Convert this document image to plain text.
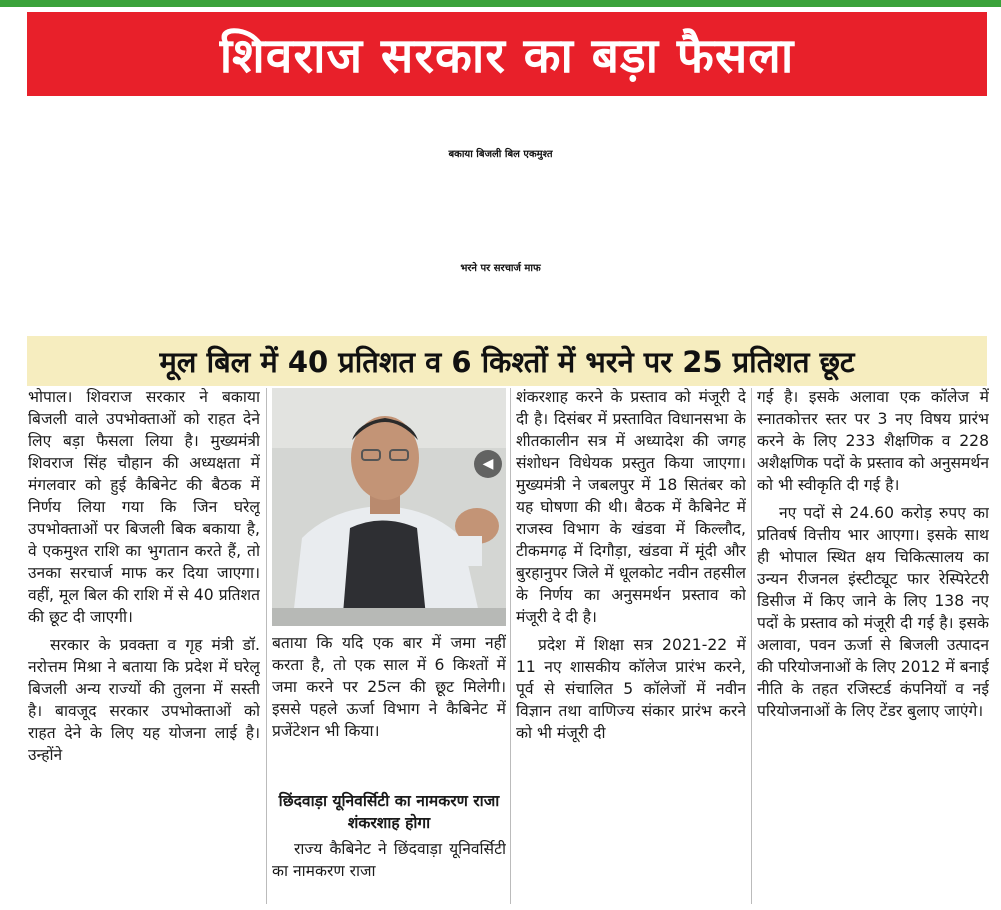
शिवराज सरकार का बड़ा फैसला
बकाया बिजली बिल एकमुश्त
भरने पर सरचार्ज माफ
मूल बिल में 40 प्रतिशत व 6 किश्तों में भरने पर 25 प्रतिशत छूट

भोपाल। शिवराज सरकार ने बकाया बिजली वाले उपभोक्ताओं को राहत देने लिए बड़ा फैसला लिया है। मुख्यमंत्री शिवराज सिंह चौहान की अध्यक्षता में मंगलवार को हुई कैबिनेट की बैठक में निर्णय लिया गया कि जिन घरेलू उपभोक्ताओं पर बिजली बिक बकाया है, वे एकमुश्त राशि का भुगतान करते हैं, तो उनका सरचार्ज माफ कर दिया जाएगा। वहीं, मूल बिल की राशि में से 40 प्रतिशत की छूट दी जाएगी।

सरकार के प्रवक्ता व गृह मंत्री डॉ. नरोत्तम मिश्रा ने बताया कि प्रदेश में घरेलू बिजली अन्य राज्यों की तुलना में सस्ती है। बावजूद सरकार उपभोक्ताओं को राहत देने के लिए यह योजना लाई है।उन्होंने

◀

बताया कि यदि एक बार में जमा नहीं करता है, तो एक साल में 6 किश्तों में जमा करने पर 25त्न की छूट मिलेगी। इससे पहले ऊर्जा विभाग ने कैबिनेट में प्रजेंटेशन भी किया।

छिंदवाड़ा यूनिवर्सिटी का नामकरण राजा शंकरशाह होगा

राज्य कैबिनेट ने छिंदवाड़ा यूनिवर्सिटी का नामकरण राजा

शंकरशाह करने के प्रस्ताव को मंजूरी दे दी है। दिसंबर में प्रस्तावित विधानसभा के शीतकालीन सत्र में अध्यादेश की जगह संशोधन विधेयक प्रस्तुत किया जाएगा। मुख्यमंत्री ने जबलपुर में 18 सितंबर को यह घोषणा की थी। बैठक में कैबिनेट में राजस्व विभाग के खंडवा में किल्लौद, टीकमगढ़ में दिगौड़ा, खंडवा में मूंदी और बुरहानुपर जिले में धूलकोट नवीन तहसील के निर्णय का अनुसमर्थन प्रस्ताव को मंजूरी दे दी है।

प्रदेश में शिक्षा सत्र 2021-22 में 11 नए शासकीय कॉलेज प्रारंभ करने, पूर्व से संचालित 5 कॉलेजों में नवीन विज्ञान तथा वाणिज्य संकार प्रारंभ करने को भी मंजूरी दी

गई है। इसके अलावा एक कॉलेज में स्नातकोत्तर स्तर पर 3 नए विषय प्रारंभ करने के लिए 233 शैक्षणिक व 228 अशैक्षणिक पदों के प्रस्ताव को अनुसमर्थन को भी स्वीकृति दी गई है।

नए पदों से 24.60 करोड़ रुपए का प्रतिवर्ष वित्तीय भार आएगा। इसके साथ ही भोपाल स्थित क्षय चिकित्सालय का उन्यन रीजनल इंस्टीट्यूट फार रेस्पिरेटरी डिसीज में किए जाने के लिए 138 नए पदों के प्रस्ताव को मंजूरी दी गई है। इसके अलावा, पवन ऊर्जा से बिजली उत्पादन की परियोजनाओं के लिए 2012 में बनाई नीति के तहत रजिस्टर्ड कंपनियों व नई परियोजनाओं के लिए टेंडर बुलाए जाएंगे।
